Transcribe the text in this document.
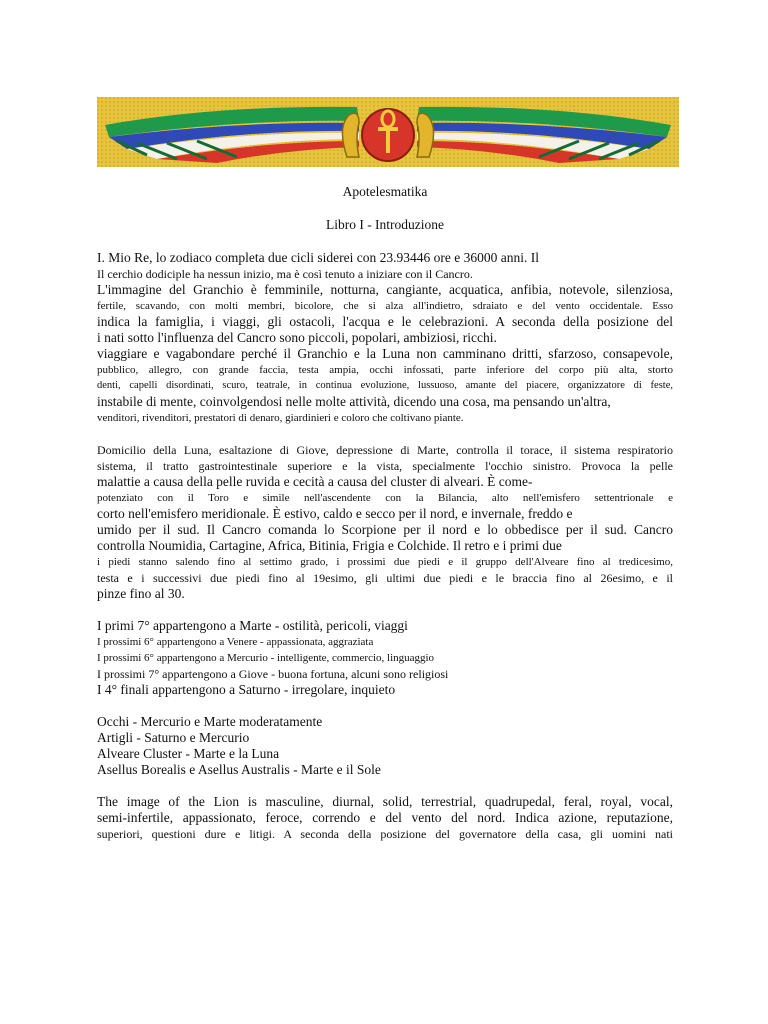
Apotelesmatika
Libro I - Introduzione
I. Mio Re, lo zodiaco completa due cicli siderei con 23.93446 ore e 36000 anni. Il
Il cerchio dodiciple ha nessun inizio, ma è così tenuto a iniziare con il Cancro.
L'immagine del Granchio è femminile, notturna, cangiante, acquatica, anfibia, notevole, silenziosa,
fertile, scavando, con molti membri, bicolore, che si alza all'indietro, sdraiato e del vento occidentale. Esso
indica la famiglia, i viaggi, gli ostacoli, l'acqua e le celebrazioni. A seconda della posizione del
i nati sotto l'influenza del Cancro sono piccoli, popolari, ambiziosi, ricchi.
viaggiare e vagabondare perché il Granchio e la Luna non camminano dritti, sfarzoso, consapevole,
pubblico, allegro, con grande faccia, testa ampia, occhi infossati, parte inferiore del corpo più alta, storto
denti, capelli disordinati, scuro, teatrale, in continua evoluzione, lussuoso, amante del piacere, organizzatore di feste,
instabile di mente, coinvolgendosi nelle molte attività, dicendo una cosa, ma pensando un'altra,
venditori, rivenditori, prestatori di denaro, giardinieri e coloro che coltivano piante.
Domicilio della Luna, esaltazione di Giove, depressione di Marte, controlla il torace, il sistema respiratorio
sistema, il tratto gastrointestinale superiore e la vista, specialmente l'occhio sinistro. Provoca la pelle
malattie a causa della pelle ruvida e cecità a causa del cluster di alveari. È come-
potenziato con il Toro e simile nell'ascendente con la Bilancia, alto nell'emisfero settentrionale e
corto nell'emisfero meridionale. È estivo, caldo e secco per il nord, e invernale, freddo e
umido per il sud. Il Cancro comanda lo Scorpione per il nord e lo obbedisce per il sud. Cancro
controlla Noumidia, Cartagine, Africa, Bitinia, Frigia e Colchide. Il retro e i primi due
i piedi stanno salendo fino al settimo grado, i prossimi due piedi e il gruppo dell'Alveare fino al tredicesimo,
testa e i successivi due piedi fino al 19esimo, gli ultimi due piedi e le braccia fino al 26esimo, e il
pinze fino al 30.
I primi 7° appartengono a Marte - ostilità, pericoli, viaggi
I prossimi 6° appartengono a Venere - appassionata, aggraziata
I prossimi 6° appartengono a Mercurio - intelligente, commercio, linguaggio
I prossimi 7° appartengono a Giove - buona fortuna, alcuni sono religiosi
I 4° finali appartengono a Saturno - irregolare, inquieto
Occhi - Mercurio e Marte moderatamente
Artigli - Saturno e Mercurio
Alveare Cluster - Marte e la Luna
Asellus Borealis e Asellus Australis - Marte e il Sole
The image of the Lion is masculine, diurnal, solid, terrestrial, quadrupedal, feral, royal, vocal,
semi-infertile, appassionato, feroce, correndo e del vento del nord. Indica azione, reputazione,
superiori, questioni dure e litigi. A seconda della posizione del governatore della casa, gli uomini nati
